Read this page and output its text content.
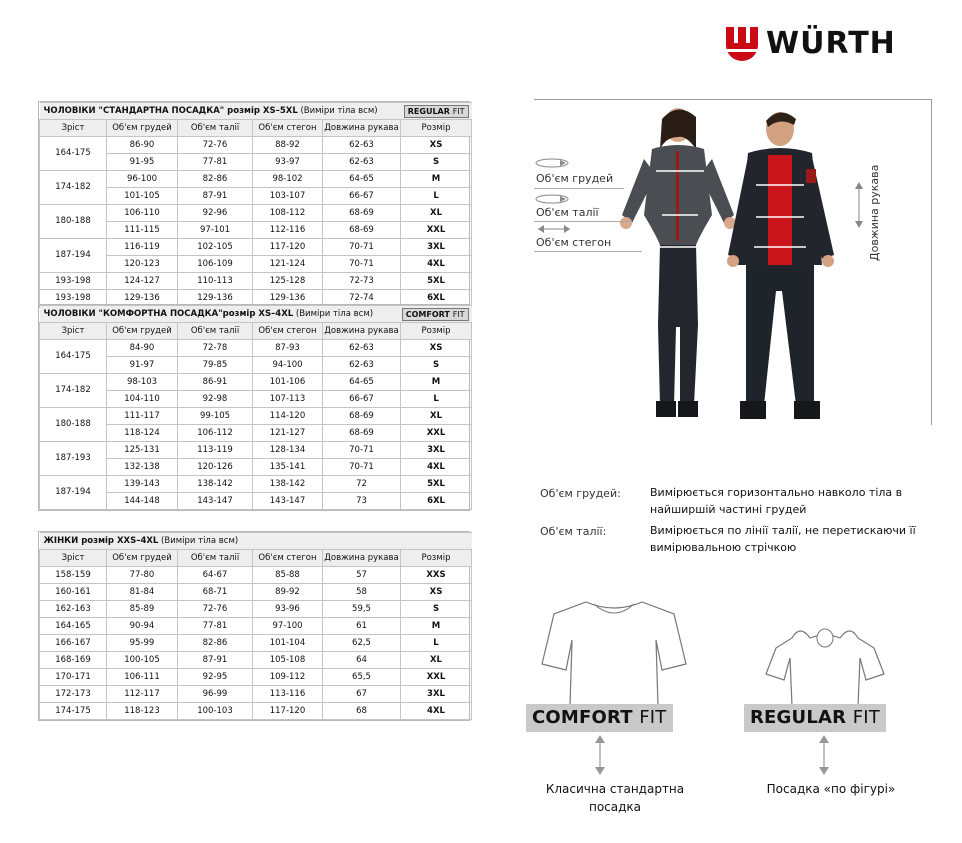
WÜRTH
ЧОЛОВІКИ "СТАНДАРТНА ПОСАДКА" розмір XS–5XL (Виміри тіла всм) REGULAR FIT					

Зріст	Об'єм грудей	Об'єм талії	Об'єм стегон	Довжина рукава	Розмір
164-175	86-90	72-76	88-92	62-63	XS
	91-95	77-81	93-97	62-63	S
174-182	96-100	82-86	98-102	64-65	M
	101-105	87-91	103-107	66-67	L
180-188	106-110	92-96	108-112	68-69	XL
	111-115	97-101	112-116	68-69	XXL
187-194	116-119	102-105	117-120	70-71	3XL
	120-123	106-109	121-124	70-71	4XL
193-198	124-127	110-113	125-128	72-73	5XL
193-198	129-136	129-136	129-136	72-74	6XL
ЧОЛОВІКИ "КОМФОРТНА ПОСАДКА"розмір XS–4XL (Виміри тіла всм) COMFORT FIT					

Зріст	Об'єм грудей	Об'єм талії	Об'єм стегон	Довжина рукава	Розмір
164-175	84-90	72-78	87-93	62-63	XS
	91-97	79-85	94-100	62-63	S
174-182	98-103	86-91	101-106	64-65	M
	104-110	92-98	107-113	66-67	L
180-188	111-117	99-105	114-120	68-69	XL
	118-124	106-112	121-127	68-69	XXL
187-193	125-131	113-119	128-134	70-71	3XL
	132-138	120-126	135-141	70-71	4XL
187-194	139-143	138-142	138-142	72	5XL
	144-148	143-147	143-147	73	6XL
ЖІНКИ розмір XXS–4XL (Виміри тіла всм)					
Зріст	Об'єм грудей	Об'єм талії	Об'єм стегон	Довжина рукава	Розмір
158-159	77-80	64-67	85-88	57	XXS
160-161	81-84	68-71	89-92	58	XS
162-163	85-89	72-76	93-96	59,5	S
164-165	90-94	77-81	97-100	61	M
166-167	95-99	82-86	101-104	62,5	L
168-169	100-105	87-91	105-108	64	XL
170-171	106-111	92-95	109-112	65,5	XXL
172-173	112-117	96-99	113-116	67	3XL
174-175	118-123	100-103	117-120	68	4XL
Об'єм грудей
Об'єм талії
Об'єм стегон	Довжина рукава
Об'єм грудей:	Вимірюється горизонтально навколо тіла в найширшій частині грудей
Об'єм талії:	Вимірюється по лінії талії, не перетискаючи її вимірювальною стрічкою
COMFORT FIT	REGULAR FIT
Класична стандартна посадка
Посадка «по фігурі»
